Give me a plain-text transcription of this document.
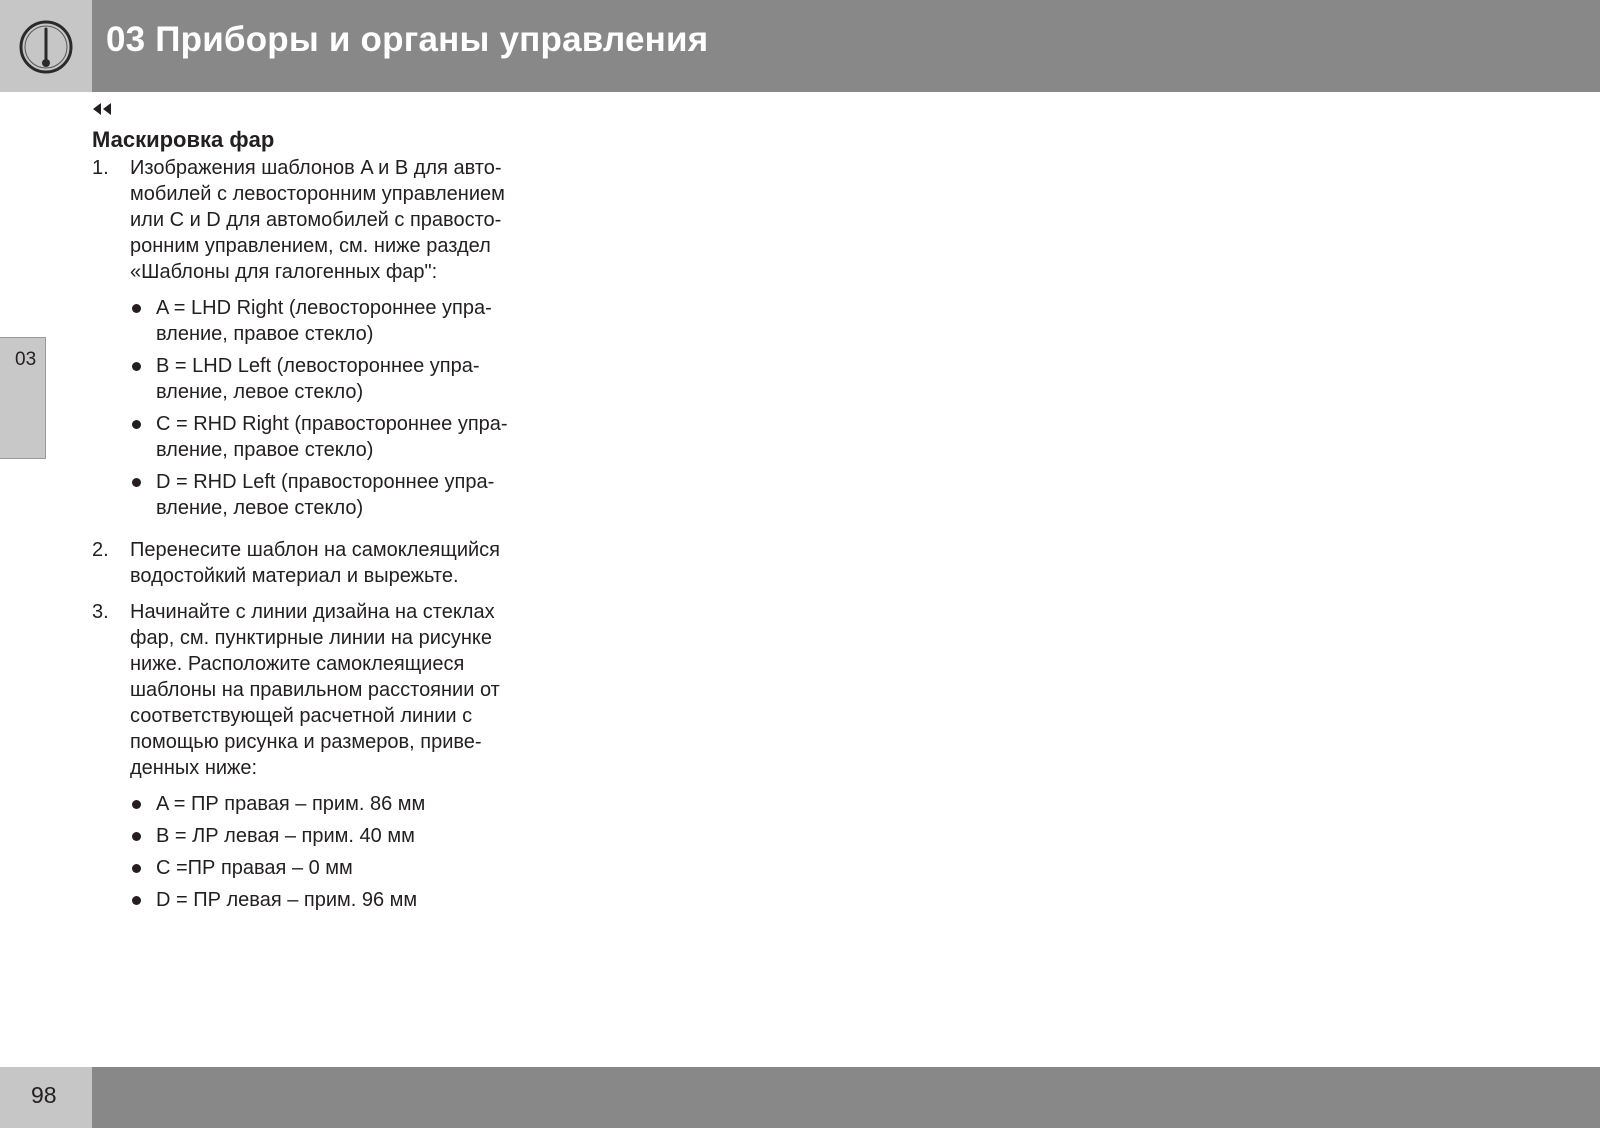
03 Приборы и органы управления
03
Маскировка фар
1.	Изображения шаблонов A и B для авто-мобилей с левосторонним управлением или C и D для автомобилей с правосто-ронним управлением, см. ниже раздел «Шаблоны для галогенных фар":

A = LHD Right (левостороннее упра-вление, правое стекло)
B = LHD Left (левостороннее упра-вление, левое стекло)
C = RHD Right (правостороннее упра-вление, правое стекло)
D = RHD Left (правостороннее упра-вление, левое стекло)
2.	Перенесите шаблон на самоклеящийся водостойкий материал и вырежьте.

3.	Начинайте с линии дизайна на стеклах фар, см. пунктирные линии на рисунке ниже. Расположите самоклеящиеся шаблоны на правильном расстоянии от соответствующей расчетной линии с помощью рисунка и размеров, приве-денных ниже:

A = ПР правая – прим. 86 мм
B = ЛР левая – прим. 40 мм
C =ПР правая – 0 мм
D = ПР левая – прим. 96 мм
98
